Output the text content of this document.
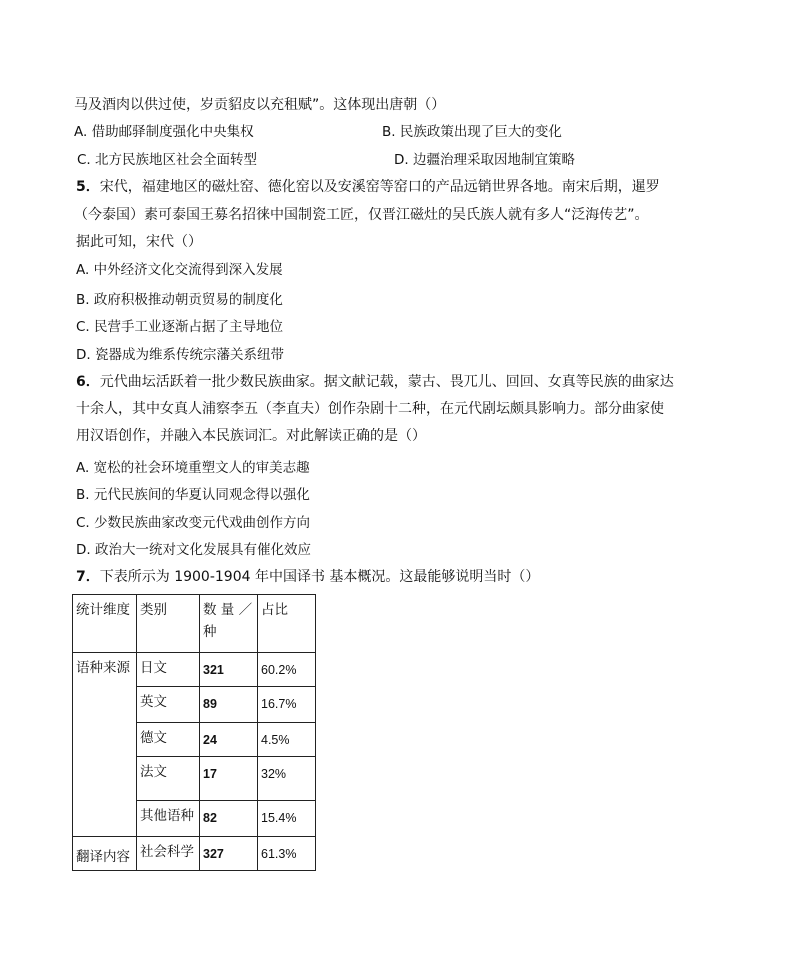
马及酒肉以供过使，岁贡貂皮以充租赋”。这体现出唐朝（）
A. 借助邮驿制度强化中央集权	B. 民族政策出现了巨大的变化
C. 北方民族地区社会全面转型	D. 边疆治理采取因地制宜策略
5．宋代，福建地区的磁灶窑、德化窑以及安溪窑等窑口的产品远销世界各地。南宋后期，暹罗
（今泰国）素可泰国王募名招徕中国制瓷工匠，仅晋江磁灶的吴氏族人就有多人“泛海传艺”。
据此可知，宋代（）
A. 中外经济文化交流得到深入发展
B. 政府积极推动朝贡贸易的制度化
C. 民营手工业逐渐占据了主导地位
D. 瓷器成为维系传统宗藩关系纽带
6．元代曲坛活跃着一批少数民族曲家。据文献记载，蒙古、畏兀儿、回回、女真等民族的曲家达
十余人，其中女真人浦察李五（李直夫）创作杂剧十二种，在元代剧坛颇具影响力。部分曲家使
用汉语创作，并融入本民族词汇。对此解读正确的是（）
A. 宽松的社会环境重塑文人的审美志趣
B. 元代民族间的华夏认同观念得以强化
C. 少数民族曲家改变元代戏曲创作方向
D. 政治大一统对文化发展具有催化效应
7．下表所示为 1900-1904 年中国译书 基本概况。这最能够说明当时（）
统计维度	类别	数 量 ／种	占比
语种来源	日文	321	60.2%
	英文	89	16.7%
	德文	24	4.5%
	法文	17	32%
	其他语种	82	15.4%
翻译内容	社会科学	327	61.3%
